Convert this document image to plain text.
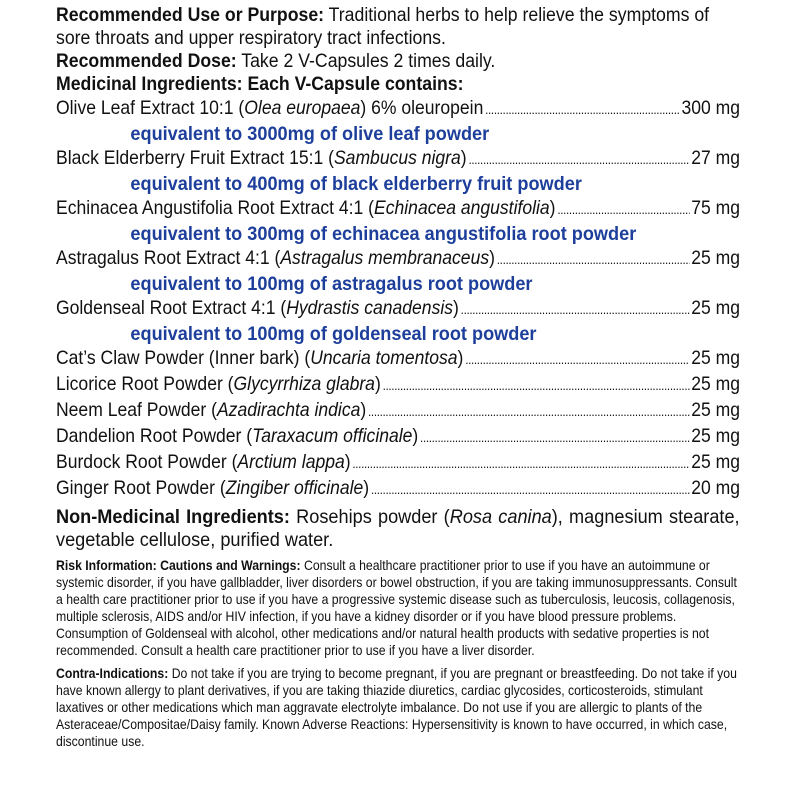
Recommended Use or Purpose: Traditional herbs to help relieve the symptoms of sore throats and upper respiratory tract infections.
Recommended Dose: Take 2 V-Capsules 2 times daily.
Medicinal Ingredients: Each V-Capsule contains:
Olive Leaf Extract 10:1 (Olea europaea) 6% oleuropein . . .	300 mg
equivalent to 3000mg of olive leaf powder
Black Elderberry Fruit Extract 15:1 (Sambucus nigra) . . .	27 mg
equivalent to 400mg of black elderberry fruit powder
Echinacea Angustifolia Root Extract 4:1 (Echinacea angustifolia) . . .	75 mg
equivalent to 300mg of echinacea angustifolia root powder
Astragalus Root Extract 4:1 (Astragalus membranaceus) . . .	25 mg
equivalent to 100mg of astragalus root powder
Goldenseal Root Extract 4:1 (Hydrastis canadensis) . . .	25 mg
equivalent to 100mg of goldenseal root powder
Cat’s Claw Powder (Inner bark) (Uncaria tomentosa) . . .	25 mg
Licorice Root Powder (Glycyrrhiza glabra) . . .	25 mg
Neem Leaf Powder (Azadirachta indica) . . .	25 mg
Dandelion Root Powder (Taraxacum officinale) . . .	25 mg
Burdock Root Powder (Arctium lappa) . . .	25 mg
Ginger Root Powder (Zingiber officinale) . . .	20 mg
Non-Medicinal Ingredients: Rosehips powder (Rosa canina), magnesium stearate, vegetable cellulose, purified water.
Risk Information: Cautions and Warnings: Consult a healthcare practitioner prior to use if you have an autoimmune or systemic disorder, if you have gallbladder, liver disorders or bowel obstruction, if you are taking immunosuppressants. Consult a health care practitioner prior to use if you have a progressive systemic disease such as tuberculosis, leucosis, collagenosis, multiple sclerosis, AIDS and/or HIV infection, if you have a kidney disorder or if you have blood pressure problems. Consumption of Goldenseal with alcohol, other medications and/or natural health products with sedative properties is not recommended. Consult a health care practitioner prior to use if you have a liver disorder.
Contra-Indications: Do not take if you are trying to become pregnant, if you are pregnant or breastfeeding. Do not take if you have known allergy to plant derivatives, if you are taking thiazide diuretics, cardiac glycosides, corticosteroids, stimulant laxatives or other medications which man aggravate electrolyte imbalance. Do not use if you are allergic to plants of the Asteraceae/Compositae/Daisy family. Known Adverse Reactions: Hypersensitivity is known to have occurred, in which case, discontinue use.
